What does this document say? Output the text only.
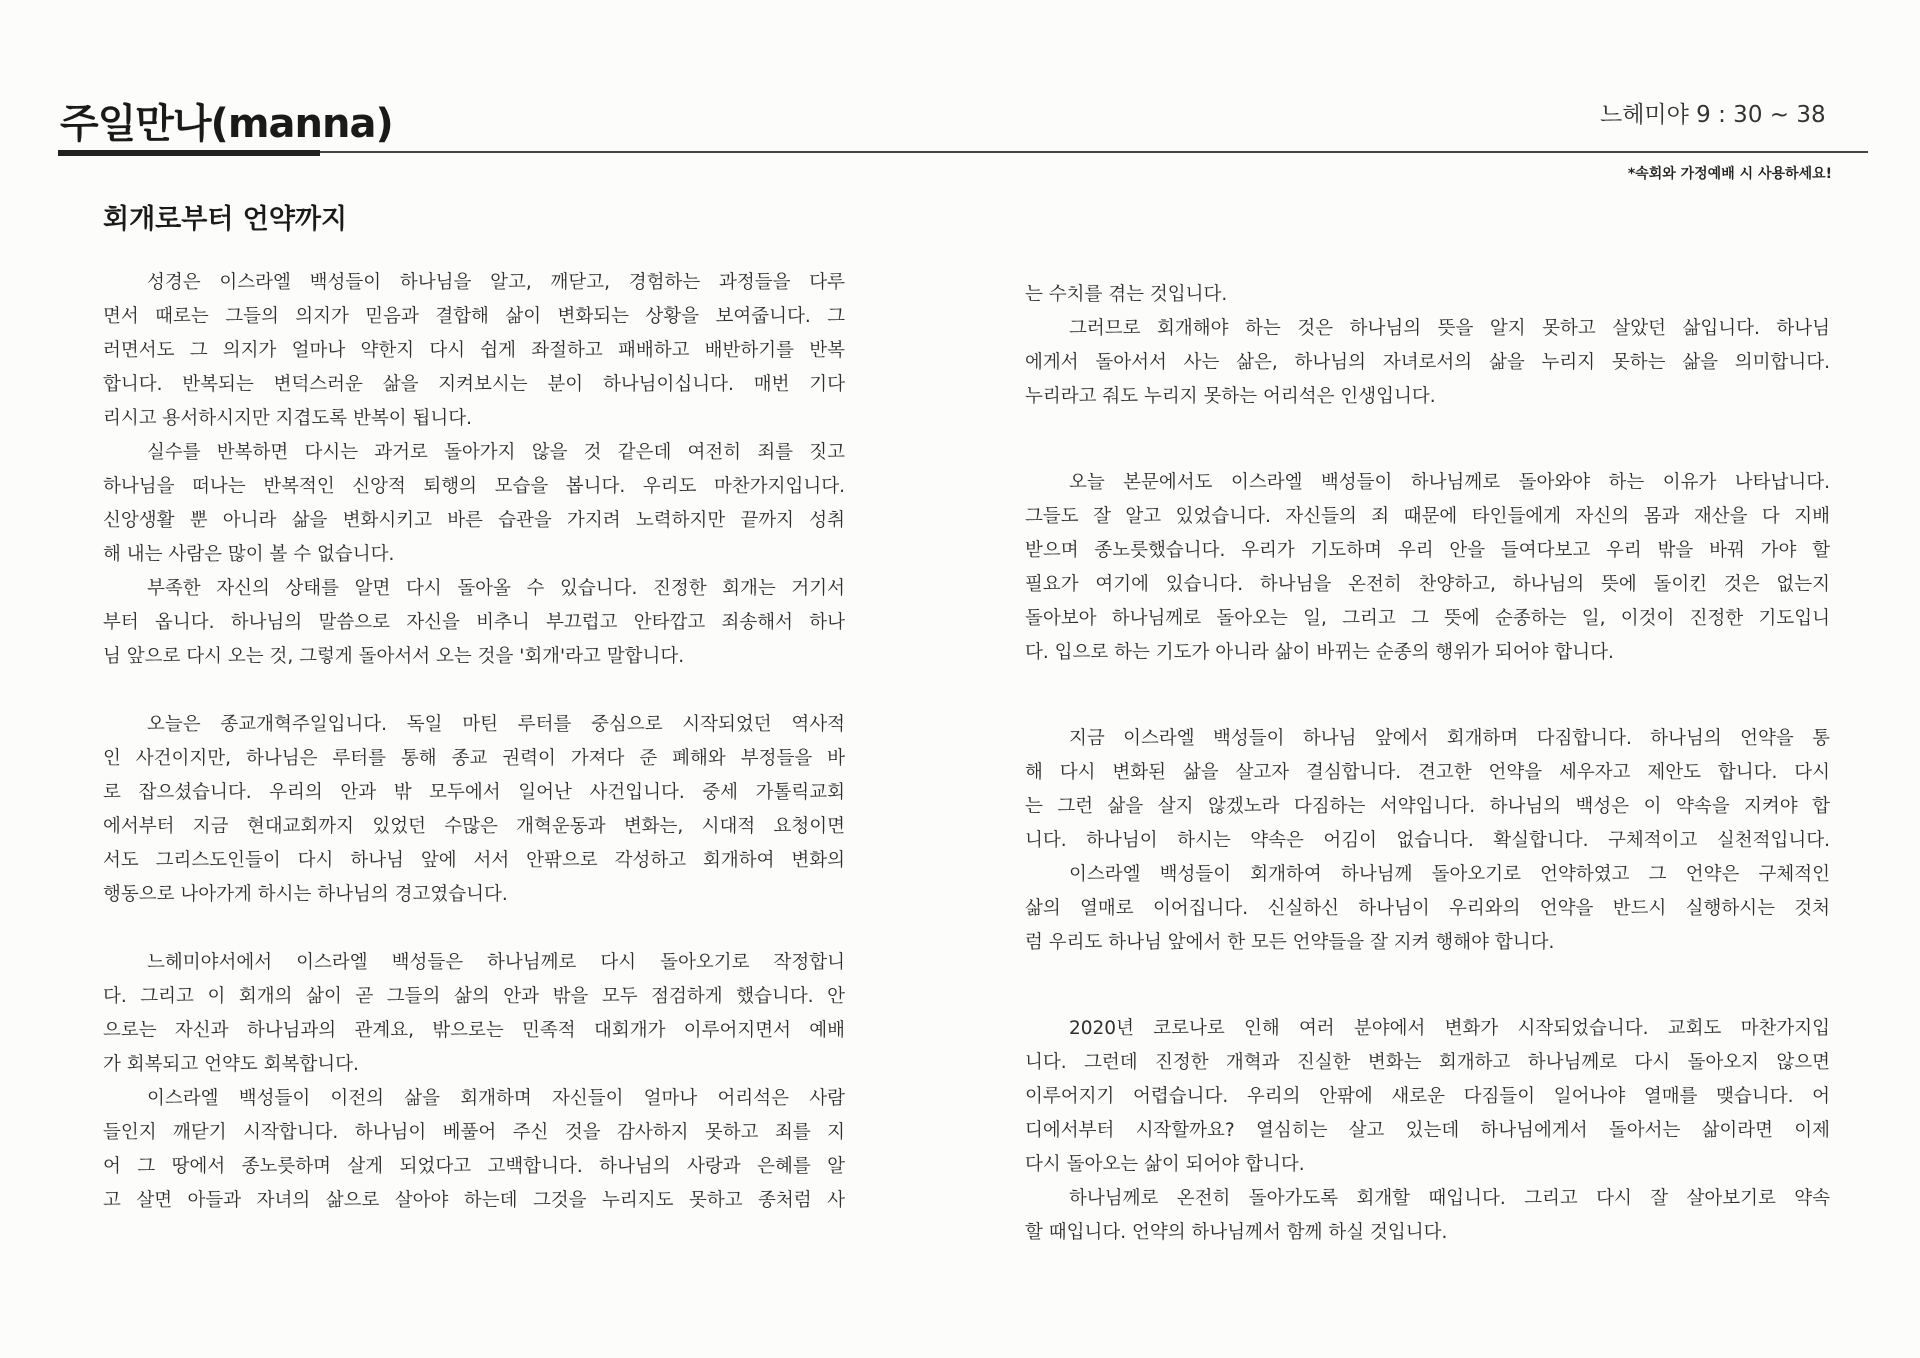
주일만나(manna)	느헤미야 9 : 30 ~ 38
*속회와 가정예배 시 사용하세요!
회개로부터 언약까지
성경은 이스라엘 백성들이 하나님을 알고, 깨닫고, 경험하는 과정들을 다루
면서 때로는 그들의 의지가 믿음과 결합해 삶이 변화되는 상황을 보여줍니다. 그
러면서도 그 의지가 얼마나 약한지 다시 쉽게 좌절하고 패배하고 배반하기를 반복
합니다. 반복되는 변덕스러운 삶을 지켜보시는 분이 하나님이십니다. 매번 기다
리시고 용서하시지만 지겹도록 반복이 됩니다.
실수를 반복하면 다시는 과거로 돌아가지 않을 것 같은데 여전히 죄를 짓고
하나님을 떠나는 반복적인 신앙적 퇴행의 모습을 봅니다. 우리도 마찬가지입니다.
신앙생활 뿐 아니라 삶을 변화시키고 바른 습관을 가지려 노력하지만 끝까지 성취
해 내는 사람은 많이 볼 수 없습니다.
부족한 자신의 상태를 알면 다시 돌아올 수 있습니다. 진정한 회개는 거기서
부터 옵니다. 하나님의 말씀으로 자신을 비추니 부끄럽고 안타깝고 죄송해서 하나
님 앞으로 다시 오는 것, 그렇게 돌아서서 오는 것을 '회개'라고 말합니다.
오늘은 종교개혁주일입니다. 독일 마틴 루터를 중심으로 시작되었던 역사적
인 사건이지만, 하나님은 루터를 통해 종교 권력이 가져다 준 폐해와 부정들을 바
로 잡으셨습니다. 우리의 안과 밖 모두에서 일어난 사건입니다. 중세 가톨릭교회
에서부터 지금 현대교회까지 있었던 수많은 개혁운동과 변화는, 시대적 요청이면
서도 그리스도인들이 다시 하나님 앞에 서서 안팎으로 각성하고 회개하여 변화의
행동으로 나아가게 하시는 하나님의 경고였습니다.
느헤미야서에서 이스라엘 백성들은 하나님께로 다시 돌아오기로 작정합니
다. 그리고 이 회개의 삶이 곧 그들의 삶의 안과 밖을 모두 점검하게 했습니다. 안
으로는 자신과 하나님과의 관계요, 밖으로는 민족적 대회개가 이루어지면서 예배
가 회복되고 언약도 회복합니다.
이스라엘 백성들이 이전의 삶을 회개하며 자신들이 얼마나 어리석은 사람
들인지 깨닫기 시작합니다. 하나님이 베풀어 주신 것을 감사하지 못하고 죄를 지
어 그 땅에서 종노릇하며 살게 되었다고 고백합니다. 하나님의 사랑과 은혜를 알
고 살면 아들과 자녀의 삶으로 살아야 하는데 그것을 누리지도 못하고 종처럼 사
는 수치를 겪는 것입니다.
그러므로 회개해야 하는 것은 하나님의 뜻을 알지 못하고 살았던 삶입니다. 하나님
에게서 돌아서서 사는 삶은, 하나님의 자녀로서의 삶을 누리지 못하는 삶을 의미합니다.
누리라고 줘도 누리지 못하는 어리석은 인생입니다.
오늘 본문에서도 이스라엘 백성들이 하나님께로 돌아와야 하는 이유가 나타납니다.
그들도 잘 알고 있었습니다. 자신들의 죄 때문에 타인들에게 자신의 몸과 재산을 다 지배
받으며 종노릇했습니다. 우리가 기도하며 우리 안을 들여다보고 우리 밖을 바꿔 가야 할
필요가 여기에 있습니다. 하나님을 온전히 찬양하고, 하나님의 뜻에 돌이킨 것은 없는지
돌아보아 하나님께로 돌아오는 일, 그리고 그 뜻에 순종하는 일, 이것이 진정한 기도입니
다. 입으로 하는 기도가 아니라 삶이 바뀌는 순종의 행위가 되어야 합니다.
지금 이스라엘 백성들이 하나님 앞에서 회개하며 다짐합니다. 하나님의 언약을 통
해 다시 변화된 삶을 살고자 결심합니다. 견고한 언약을 세우자고 제안도 합니다. 다시
는 그런 삶을 살지 않겠노라 다짐하는 서약입니다. 하나님의 백성은 이 약속을 지켜야 합
니다. 하나님이 하시는 약속은 어김이 없습니다. 확실합니다. 구체적이고 실천적입니다.
이스라엘 백성들이 회개하여 하나님께 돌아오기로 언약하였고 그 언약은 구체적인
삶의 열매로 이어집니다. 신실하신 하나님이 우리와의 언약을 반드시 실행하시는 것처
럼 우리도 하나님 앞에서 한 모든 언약들을 잘 지켜 행해야 합니다.
2020년 코로나로 인해 여러 분야에서 변화가 시작되었습니다. 교회도 마찬가지입
니다. 그런데 진정한 개혁과 진실한 변화는 회개하고 하나님께로 다시 돌아오지 않으면
이루어지기 어렵습니다. 우리의 안팎에 새로운 다짐들이 일어나야 열매를 맺습니다. 어
디에서부터 시작할까요? 열심히는 살고 있는데 하나님에게서 돌아서는 삶이라면 이제
다시 돌아오는 삶이 되어야 합니다.
하나님께로 온전히 돌아가도록 회개할 때입니다. 그리고 다시 잘 살아보기로 약속
할 때입니다. 언약의 하나님께서 함께 하실 것입니다.
